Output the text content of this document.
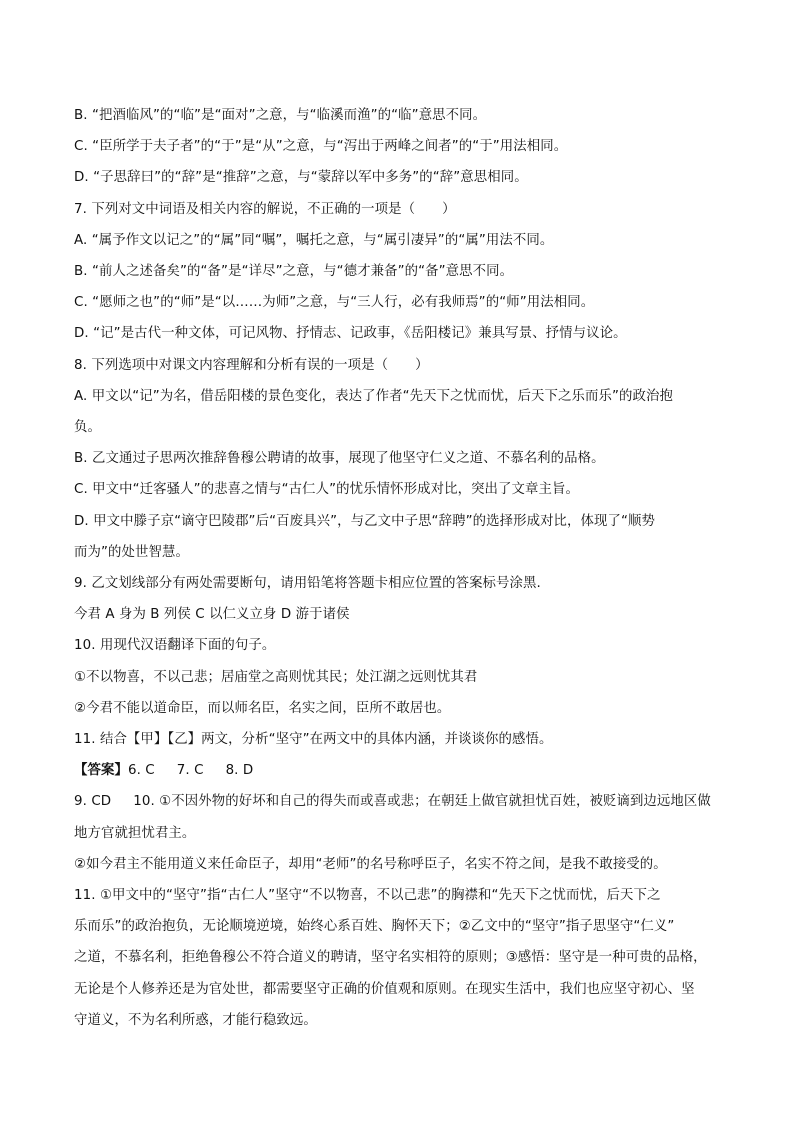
B. “把酒临风”的“临”是“面对”之意，与“临溪而渔”的“临”意思不同。
C. “臣所学于夫子者”的“于”是“从”之意，与“泻出于两峰之间者”的“于”用法相同。
D. “子思辞曰”的“辞”是“推辞”之意，与“蒙辞以军中多务”的“辞”意思相同。
7. 下列对文中词语及相关内容的解说，不正确的一项是（　　）
A. “属予作文以记之”的“属”同“嘱”，嘱托之意，与“属引凄异”的“属”用法不同。
B. “前人之述备矣”的“备”是“详尽”之意，与“德才兼备”的“备”意思不同。
C. “愿师之也”的“师”是“以……为师”之意，与“三人行，必有我师焉”的“师”用法相同。
D. “记”是古代一种文体，可记风物、抒情志、记政事，《岳阳楼记》兼具写景、抒情与议论。
8. 下列选项中对课文内容理解和分析有误的一项是（　　）
A. 甲文以“记”为名，借岳阳楼的景色变化，表达了作者“先天下之忧而忧，后天下之乐而乐”的政治抱
负。
B. 乙文通过子思两次推辞鲁穆公聘请的故事，展现了他坚守仁义之道、不慕名利的品格。
C. 甲文中“迁客骚人”的悲喜之情与“古仁人”的忧乐情怀形成对比，突出了文章主旨。
D. 甲文中滕子京“谪守巴陵郡”后“百废具兴”，与乙文中子思“辞聘”的选择形成对比，体现了“顺势
而为”的处世智慧。
9. 乙文划线部分有两处需要断句，请用铅笔将答题卡相应位置的答案标号涂黑.
今君 A 身为 B 列侯 C 以仁义立身 D 游于诸侯
10. 用现代汉语翻译下面的句子。
①不以物喜，不以己悲；居庙堂之高则忧其民；处江湖之远则忧其君
②今君不能以道命臣，而以师名臣，名实之间，臣所不敢居也。
11. 结合【甲】【乙】两文，分析“坚守”在两文中的具体内涵，并谈谈你的感悟。
【答案】6. C 7. C 8. D
9. CD 10. ①不因外物的好坏和自己的得失而或喜或悲；在朝廷上做官就担忧百姓，被贬谪到边远地区做
地方官就担忧君主。
②如今君主不能用道义来任命臣子，却用“老师”的名号称呼臣子，名实不符之间，是我不敢接受的。
11. ①甲文中的“坚守”指“古仁人”坚守“不以物喜，不以己悲”的胸襟和“先天下之忧而忧，后天下之
乐而乐”的政治抱负，无论顺境逆境，始终心系百姓、胸怀天下；②乙文中的“坚守”指子思坚守“仁义”
之道，不慕名利，拒绝鲁穆公不符合道义的聘请，坚守名实相符的原则；③感悟：坚守是一种可贵的品格，
无论是个人修养还是为官处世，都需要坚守正确的价值观和原则。在现实生活中，我们也应坚守初心、坚
守道义，不为名利所惑，才能行稳致远。
